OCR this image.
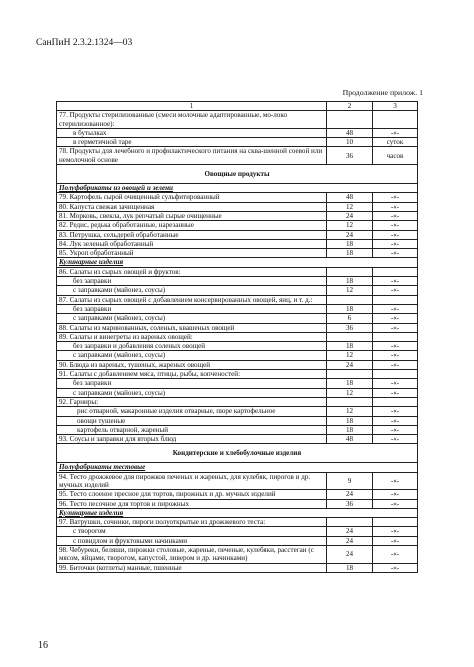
СанПиН 2.3.2.1324—03
Продолжение прилож. 1
1	2	3
77. Продукты стерилизованные (смеси молочные адаптированные, мо-локо стерилизованное):		
в бутылках	48	-«-
в герметичной таре	10	суток
78. Продукты для лечебного и профилактического питания на сква-шенной соевой или немолочной основе	36	часов
Овощные продукты		
Полуфабрикаты из овощей и зелени		
79. Картофель сырой очищенный сульфитированный	48	-«-
80. Капуста свежая зачищенная	12	-«-
81. Морковь, свекла, лук репчатый сырые очищенные	24	-«-
82. Редис, редька обработанные, нарезанные	12	-«-
83. Петрушка, сельдерей обработанные	24	-«-
84. Лук зеленый обработанный	18	-«-
85. Укроп обработанный	18	-«-
Кулинарные изделия		
86. Салаты из сырых овощей и фруктов:		
без заправки	18	-«-
с заправками (майонез, соусы)	12	-«-
87. Салаты из сырых овощей с добавлением консервированных овощей, яиц, и т. д.:		
без заправки	18	-«-
с заправками (майонез, соусы)	6	-«-
88. Салаты из маринованных, соленых, квашеных овощей	36	-«-
89. Салаты и винегреты из вареных овощей:		
без заправки и добавления соленых овощей	18	-«-
с заправками (майонез, соусы)	12	-«-
90. Блюда из вареных, тушеных, жареных овощей	24	-«-
91. Салаты с добавлением мяса, птицы, рыбы, копченостей:		
без заправки	18	-«-
с заправками (майонез, соусы)	12	-«-
92. Гарниры:		
рис отварной, макаронные изделия отварные, пюре картофельное	12	-«-
овощи тушеные	18	-«-
картофель отварной, жареный	18	-«-
93. Соусы и заправки для вторых блюд	48	-«-
Кондитерские и хлебобулочные изделия		
Полуфабрикаты тестовые		
94. Тесто дрожжевое для пирожков печеных и жареных, для кулебяк, пирогов и др. мучных изделий	9	-«-
95. Тесто слоеное пресное для тортов, пирожных и др. мучных изделий	24	-«-
96. Тесто песочное для тортов и пирожных	36	-«-
Кулинарные изделия		
97. Ватрушки, сочники, пироги полуоткрытые из дрожжевого теста:		
с творогом	24	-«-
с повидлом и фруктовыми начинками	24	-«-
98. Чебуреки, беляши, пирожки столовые, жареные, печеные, кулебяки, расстегаи (с мясом, яйцами, творогом, капустой, ливером и др. начинками)	24	-«-
99. Биточки (котлеты) манные, пшенные	18	-«-
16
